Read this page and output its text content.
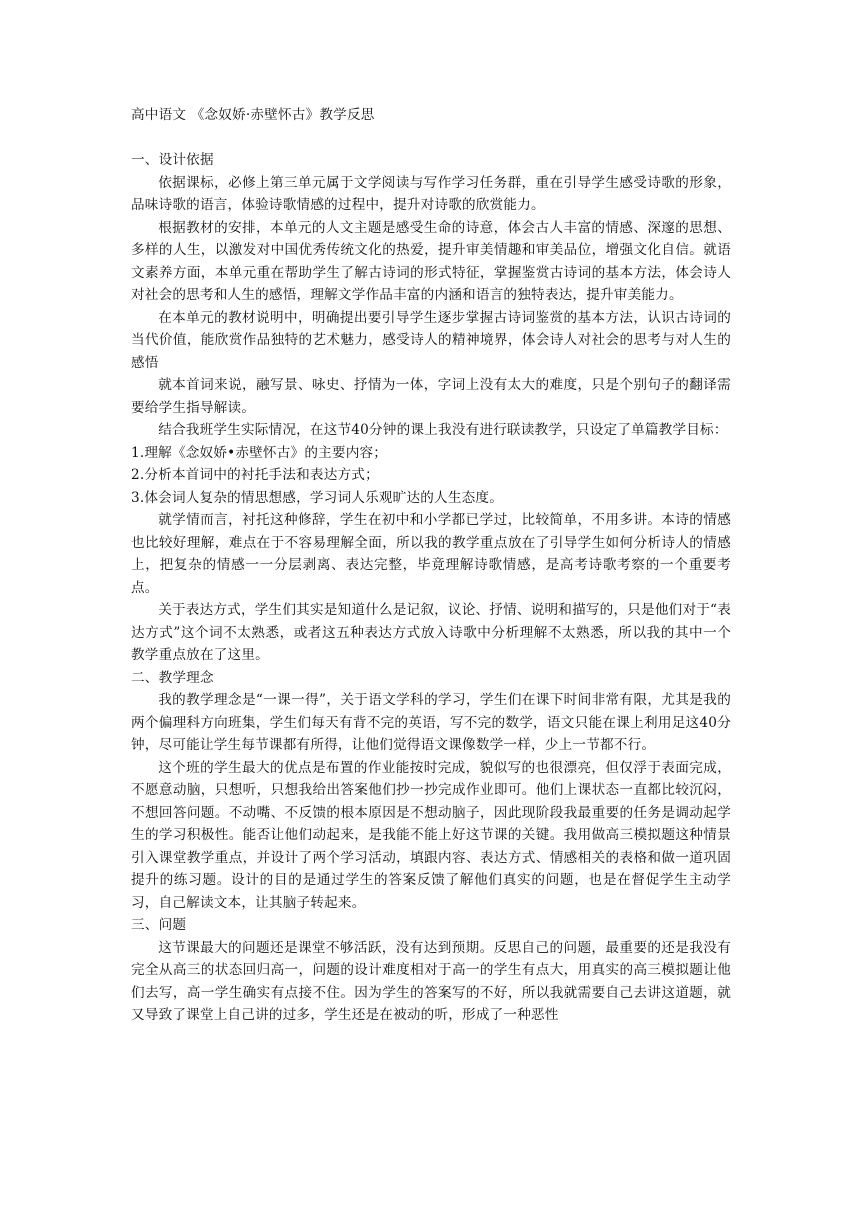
高中语文 《念奴娇·赤壁怀古》教学反思

一、设计依据

依据课标，必修上第三单元属于文学阅读与写作学习任务群，重在引导学生感受诗歌的形象，品味诗歌的语言，体验诗歌情感的过程中，提升对诗歌的欣赏能力。

根据教材的安排，本单元的人文主题是感受生命的诗意，体会古人丰富的情感、深邃的思想、多样的人生，以激发对中国优秀传统文化的热爱，提升审美情趣和审美品位，增强文化自信。就语文素养方面，本单元重在帮助学生了解古诗词的形式特征，掌握鉴赏古诗词的基本方法，体会诗人对社会的思考和人生的感悟，理解文学作品丰富的内涵和语言的独特表达，提升审美能力。

在本单元的教材说明中，明确提出要引导学生逐步掌握古诗词鉴赏的基本方法，认识古诗词的当代价值，能欣赏作品独特的艺术魅力，感受诗人的精神境界，体会诗人对社会的思考与对人生的感悟

就本首词来说，融写景、咏史、抒情为一体，字词上没有太大的难度，只是个别句子的翻译需要给学生指导解读。

结合我班学生实际情况，在这节40分钟的课上我没有进行联读教学，只设定了单篇教学目标：

1.理解《念奴娇•赤壁怀古》的主要内容；

2.分析本首词中的衬托手法和表达方式；

3.体会词人复杂的情思想感，学习词人乐观旷达的人生态度。

就学情而言，衬托这种修辞，学生在初中和小学都已学过，比较简单，不用多讲。本诗的情感也比较好理解，难点在于不容易理解全面，所以我的教学重点放在了引导学生如何分析诗人的情感上，把复杂的情感一一分层剥离、表达完整，毕竟理解诗歌情感，是高考诗歌考察的一个重要考点。

关于表达方式，学生们其实是知道什么是记叙，议论、抒情、说明和描写的，只是他们对于“表达方式”这个词不太熟悉，或者这五种表达方式放入诗歌中分析理解不太熟悉，所以我的其中一个教学重点放在了这里。

二、教学理念

我的教学理念是“一课一得”，关于语文学科的学习，学生们在课下时间非常有限，尤其是我的两个偏理科方向班集，学生们每天有背不完的英语，写不完的数学，语文只能在课上利用足这40分钟，尽可能让学生每节课都有所得，让他们觉得语文课像数学一样，少上一节都不行。

这个班的学生最大的优点是布置的作业能按时完成，貌似写的也很漂亮，但仅浮于表面完成，不愿意动脑，只想听，只想我给出答案他们抄一抄完成作业即可。他们上课状态一直都比较沉闷，不想回答问题。不动嘴、不反馈的根本原因是不想动脑子，因此现阶段我最重要的任务是调动起学生的学习积极性。能否让他们动起来，是我能不能上好这节课的关键。我用做高三模拟题这种情景引入课堂教学重点，并设计了两个学习活动，填跟内容、表达方式、情感相关的表格和做一道巩固提升的练习题。设计的目的是通过学生的答案反馈了解他们真实的问题，也是在督促学生主动学习，自己解读文本，让其脑子转起来。

三、问题

这节课最大的问题还是课堂不够活跃，没有达到预期。反思自己的问题，最重要的还是我没有完全从高三的状态回归高一，问题的设计难度相对于高一的学生有点大，用真实的高三模拟题让他们去写，高一学生确实有点接不住。因为学生的答案写的不好，所以我就需要自己去讲这道题，就又导致了课堂上自己讲的过多，学生还是在被动的听，形成了一种恶性
